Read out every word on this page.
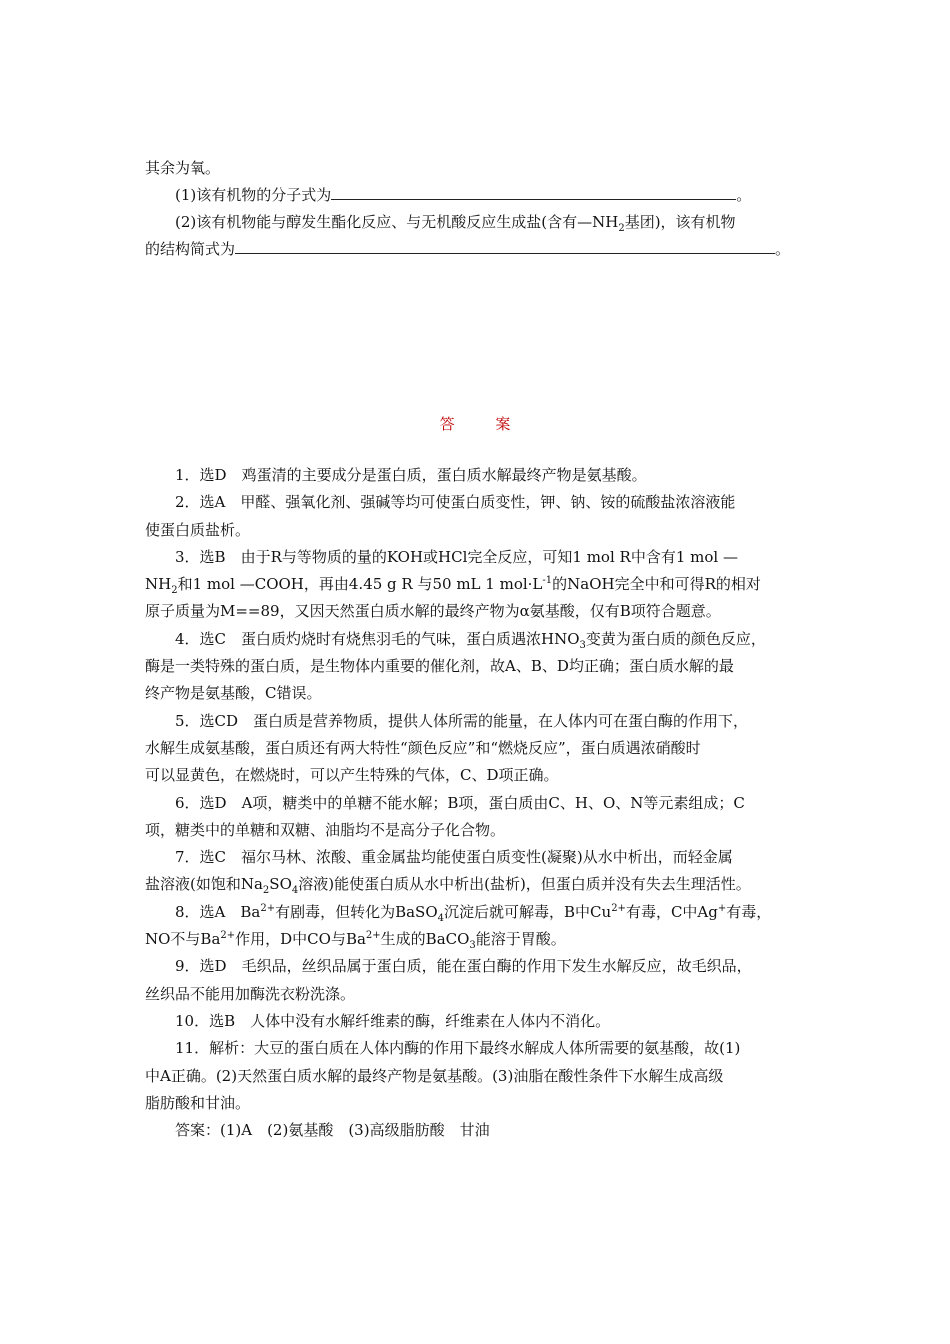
其余为氧。

(1)该有机物的分子式为	。

(2)该有机物能与醇发生酯化反应、与无机酸反应生成盐(含有$—NH_2$基团)，该有机物

的结构简式为	。

答 案

1．选D　鸡蛋清的主要成分是蛋白质，蛋白质水解最终产物是氨基酸。

2．选A　甲醛、强氧化剂、强碱等均可使蛋白质变性，钾、钠、铵的硫酸盐浓溶液能

使蛋白质盐析。

3．选B　由于R与等物质的量的KOH或HCl完全反应，可知1 mol R中含有1 mol —

$NH_2$和1 mol —COOH，再由4.45 g R 与50 mL 1 $mol\cdot L^{-1}$的NaOH完全中和可得R的相对

原子质量为M==89，又因天然蛋白质水解的最终产物为α氨基酸，仅有B项符合题意。

4．选C　蛋白质灼烧时有烧焦羽毛的气味，蛋白质遇浓$HNO_3$变黄为蛋白质的颜色反应，

酶是一类特殊的蛋白质，是生物体内重要的催化剂，故A、B、D均正确；蛋白质水解的最

终产物是氨基酸，C错误。

5．选CD　蛋白质是营养物质，提供人体所需的能量，在人体内可在蛋白酶的作用下，

水解生成氨基酸，蛋白质还有两大特性“颜色反应”和“燃烧反应”，蛋白质遇浓硝酸时

可以显黄色，在燃烧时，可以产生特殊的气体，C、D项正确。

6．选D　A项，糖类中的单糖不能水解；B项，蛋白质由C、H、O、N等元素组成；C

项，糖类中的单糖和双糖、油脂均不是高分子化合物。

7．选C　福尔马林、浓酸、重金属盐均能使蛋白质变性(凝聚)从水中析出，而轻金属

盐溶液(如饱和$Na_2SO_4$溶液)能使蛋白质从水中析出(盐析)，但蛋白质并没有失去生理活性。

8．选A　$Ba^{2+}$有剧毒，但转化为BaSO$_4$沉淀后就可解毒，B中$Cu^{2+}$有毒，C中Ag+有毒，

NO不与$Ba^{2+}$作用，D中CO与$Ba^{2+}$生成的BaCO$_3$能溶于胃酸。

9．选D　毛织品，丝织品属于蛋白质，能在蛋白酶的作用下发生水解反应，故毛织品，

丝织品不能用加酶洗衣粉洗涤。

10．选B　人体中没有水解纤维素的酶，纤维素在人体内不消化。

11．解析：大豆的蛋白质在人体内酶的作用下最终水解成人体所需要的氨基酸，故(1)

中A正确。(2)天然蛋白质水解的最终产物是氨基酸。(3)油脂在酸性条件下水解生成高级

脂肪酸和甘油。

答案：(1)A　(2)氨基酸　(3)高级脂肪酸　甘油
